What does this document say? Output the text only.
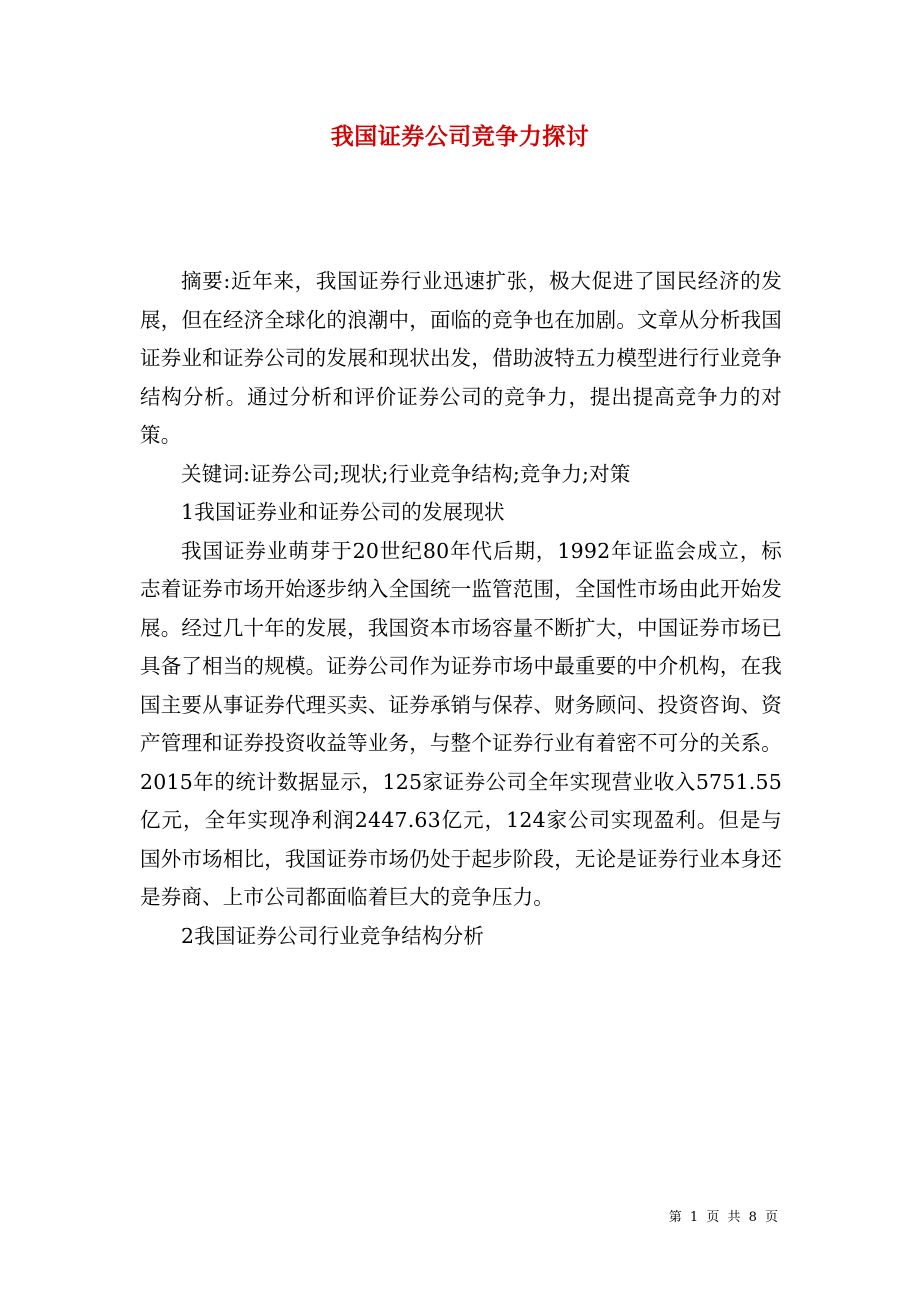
我国证券公司竞争力探讨

摘要:近年来，我国证券行业迅速扩张，极大促进了国民经济的发展，但在经济全球化的浪潮中，面临的竞争也在加剧。文章从分析我国证券业和证券公司的发展和现状出发，借助波特五力模型进行行业竞争结构分析。通过分析和评价证券公司的竞争力，提出提高竞争力的对策。

关键词:证券公司;现状;行业竞争结构;竞争力;对策

1我国证券业和证券公司的发展现状

我国证券业萌芽于20世纪80年代后期，1992年证监会成立，标志着证券市场开始逐步纳入全国统一监管范围，全国性市场由此开始发展。经过几十年的发展，我国资本市场容量不断扩大，中国证券市场已具备了相当的规模。证券公司作为证券市场中最重要的中介机构，在我国主要从事证券代理买卖、证券承销与保荐、财务顾问、投资咨询、资产管理和证券投资收益等业务，与整个证券行业有着密不可分的关系。2015年的统计数据显示，125家证券公司全年实现营业收入5751.55亿元，全年实现净利润2447.63亿元，124家公司实现盈利。但是与国外市场相比，我国证券市场仍处于起步阶段，无论是证券行业本身还是券商、上市公司都面临着巨大的竞争压力。

2我国证券公司行业竞争结构分析

第 1 页 共 8 页
